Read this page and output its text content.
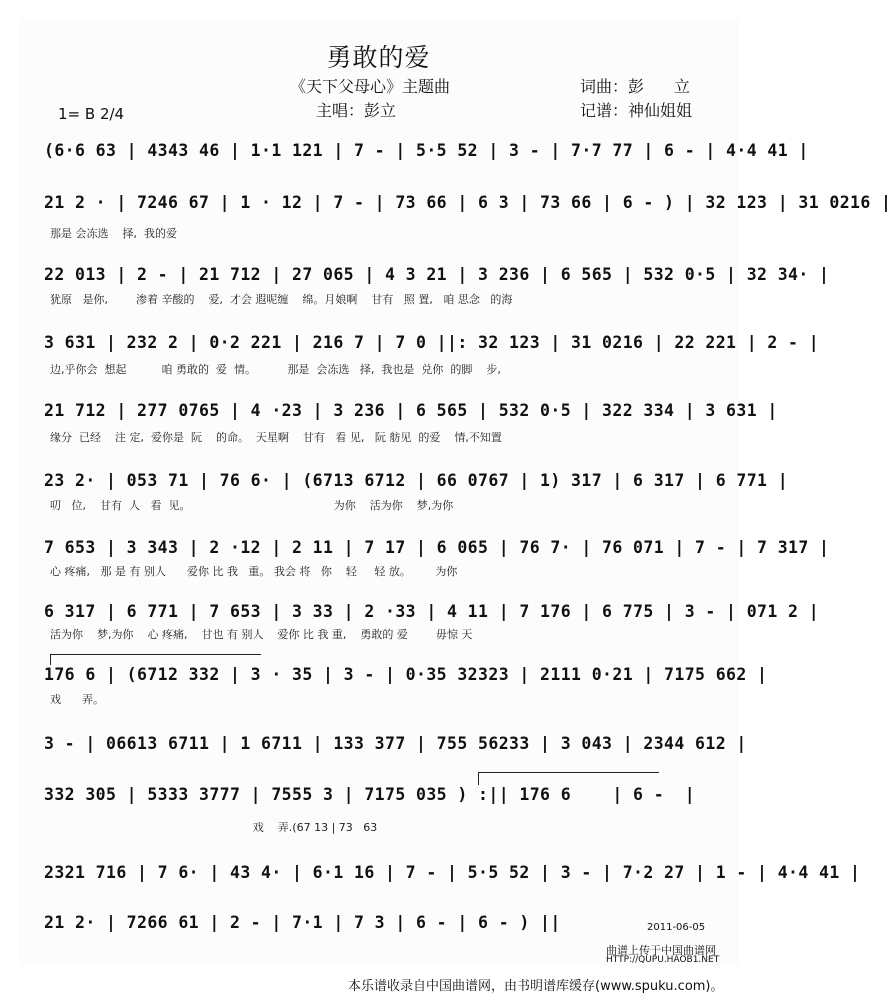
勇敢的爱
《天下父母心》主题曲
主唱：彭立
词曲：彭 立
记谱：神仙姐姐
1= B 2/4
(6·6 63 | 4343 46 | 1·1 121 | 7 - | 5·5 52 | 3 - | 7·7 77 | 6 - | 4·4 41 |
21 2 · | 7246 67 | 1 · 12 | 7 - | 73 66 | 6 3 | 73 66 | 6 - ) | 32 123 | 31 0216 |
那是 会冻选    择,  我的爱
22 013 | 2 - | 21 712 | 27 065 | 4 3 21 | 3 236 | 6 565 | 532 0·5 | 32 34· |
犹原   是你,        渗着 辛酸的    爱,  才会 遐呢缠    绵。月娘啊    甘有   照 置,   咱 思念   的海
3 631 | 232 2 | 0·2 221 | 216 7 | 7 0 ||: 32 123 | 31 0216 | 22 221 | 2 - |
边,乎你会  想起          咱 勇敢的  爱  情。         那是  会冻选   择,  我也是  兑你  的脚    步,
21 712 | 277 0765 | 4 ·23 | 3 236 | 6 565 | 532 0·5 | 322 334 | 3 631 |
缘分  已经    注 定,  爱你是  阮    的命。  天星啊    甘有   看 见,   阮 舫见  的爱    情,不知置
23 2· | 053 71 | 76 6· | (6713 6712 | 66 0767 | 1) 317 | 6 317 | 6 771 |
叨   位,    甘有  人   看  见。                                         为你    活为你    梦,为你
7 653 | 3 343 | 2 ·12 | 2 11 | 7 17 | 6 065 | 76 7· | 76 071 | 7 - | 7 317 |
心 疼痛,   那 是 有 别人      爱你 比 我   重。 我会 将   你    轻     轻 放。       为你
6 317 | 6 771 | 7 653 | 3 33 | 2 ·33 | 4 11 | 7 176 | 6 775 | 3 - | 071 2 |
活为你    梦,为你    心 疼痛,    甘也 有 别人    爱你 比 我 重,    勇敢的 爱        毋惊 天
176 6 | (6712 332 | 3 · 35 | 3 - | 0·35 32323 | 2111 0·21 | 7175 662 |
戏      弄。
3 - | 06613 6711 | 1 6711 | 133 377 | 755 56233 | 3 043 | 2344 612 |
332 305 | 5333 3777 | 7555 3 | 7175 035 ) :|| 176 6    | 6 -  |
戏    弄.(67 13 | 73   63
2321 716 | 7 6· | 43 4· | 6·1 16 | 7 - | 5·5 52 | 3 - | 7·2 27 | 1 - | 4·4 41 |
21 2· | 7266 61 | 2 - | 7·1 | 7 3 | 6 - | 6 - ) ||	2011-06-05
曲谱上传于中国曲谱网
HTTP://QUPU.HAOB1.NET
本乐谱收录自中国曲谱网，由书明谱库缓存(www.spuku.com)。
